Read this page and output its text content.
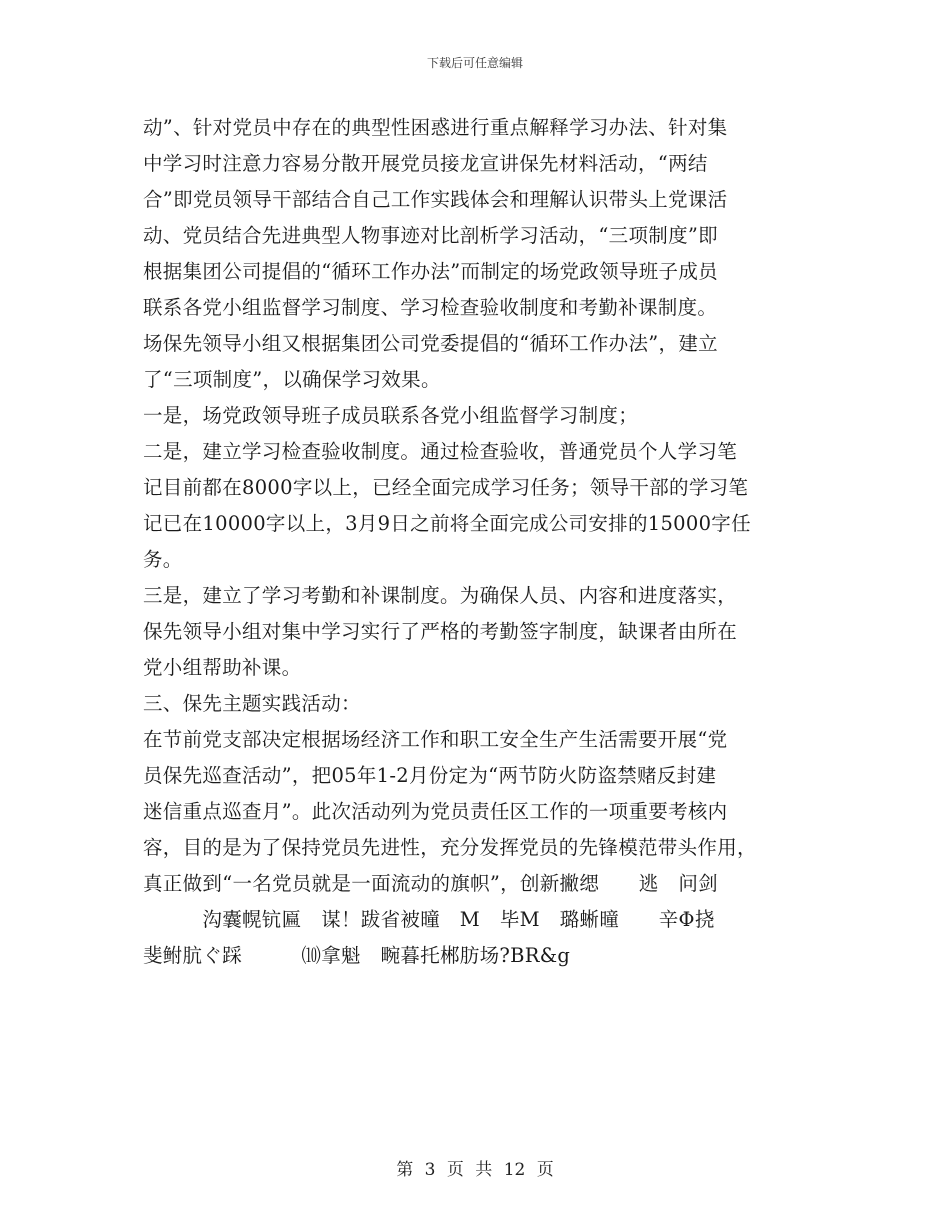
下载后可任意编辑
动”、针对党员中存在的典型性困惑进行重点解释学习办法、针对集
中学习时注意力容易分散开展党员接龙宣讲保先材料活动，“两结
合”即党员领导干部结合自己工作实践体会和理解认识带头上党课活
动、党员结合先进典型人物事迹对比剖析学习活动，“三项制度”即
根据集团公司提倡的“循环工作办法”而制定的场党政领导班子成员
联系各党小组监督学习制度、学习检查验收制度和考勤补课制度。
场保先领导小组又根据集团公司党委提倡的“循环工作办法”，建立
了“三项制度”，以确保学习效果。
一是，场党政领导班子成员联系各党小组监督学习制度；
二是，建立学习检查验收制度。通过检查验收，普通党员个人学习笔
记目前都在8000字以上，已经全面完成学习任务；领导干部的学习笔
记已在10000字以上，3月9日之前将全面完成公司安排的15000字任
务。
三是，建立了学习考勤和补课制度。为确保人员、内容和进度落实，
保先领导小组对集中学习实行了严格的考勤签字制度，缺课者由所在
党小组帮助补课。
三、保先主题实践活动：
在节前党支部决定根据场经济工作和职工安全生产生活需要开展“党
员保先巡查活动”，把05年1-2月份定为“两节防火防盗禁赌反封建
迷信重点巡查月”。此次活动列为党员责任区工作的一项重要考核内
容，目的是为了保持党员先进性，充分发挥党员的先锋模范带头作用，
真正做到“一名党员就是一面流动的旗帜”，创新撇缌　　逃　问剑
　　　沟囊幌钪匾　谋！跋省被曈　M　毕M　璐蜥曈　　辛Φ挠
斐鲋肮ぐ踩　　　⑽拿魁　畹暮托郴肪场?BR&g
第 3 页 共 12 页
